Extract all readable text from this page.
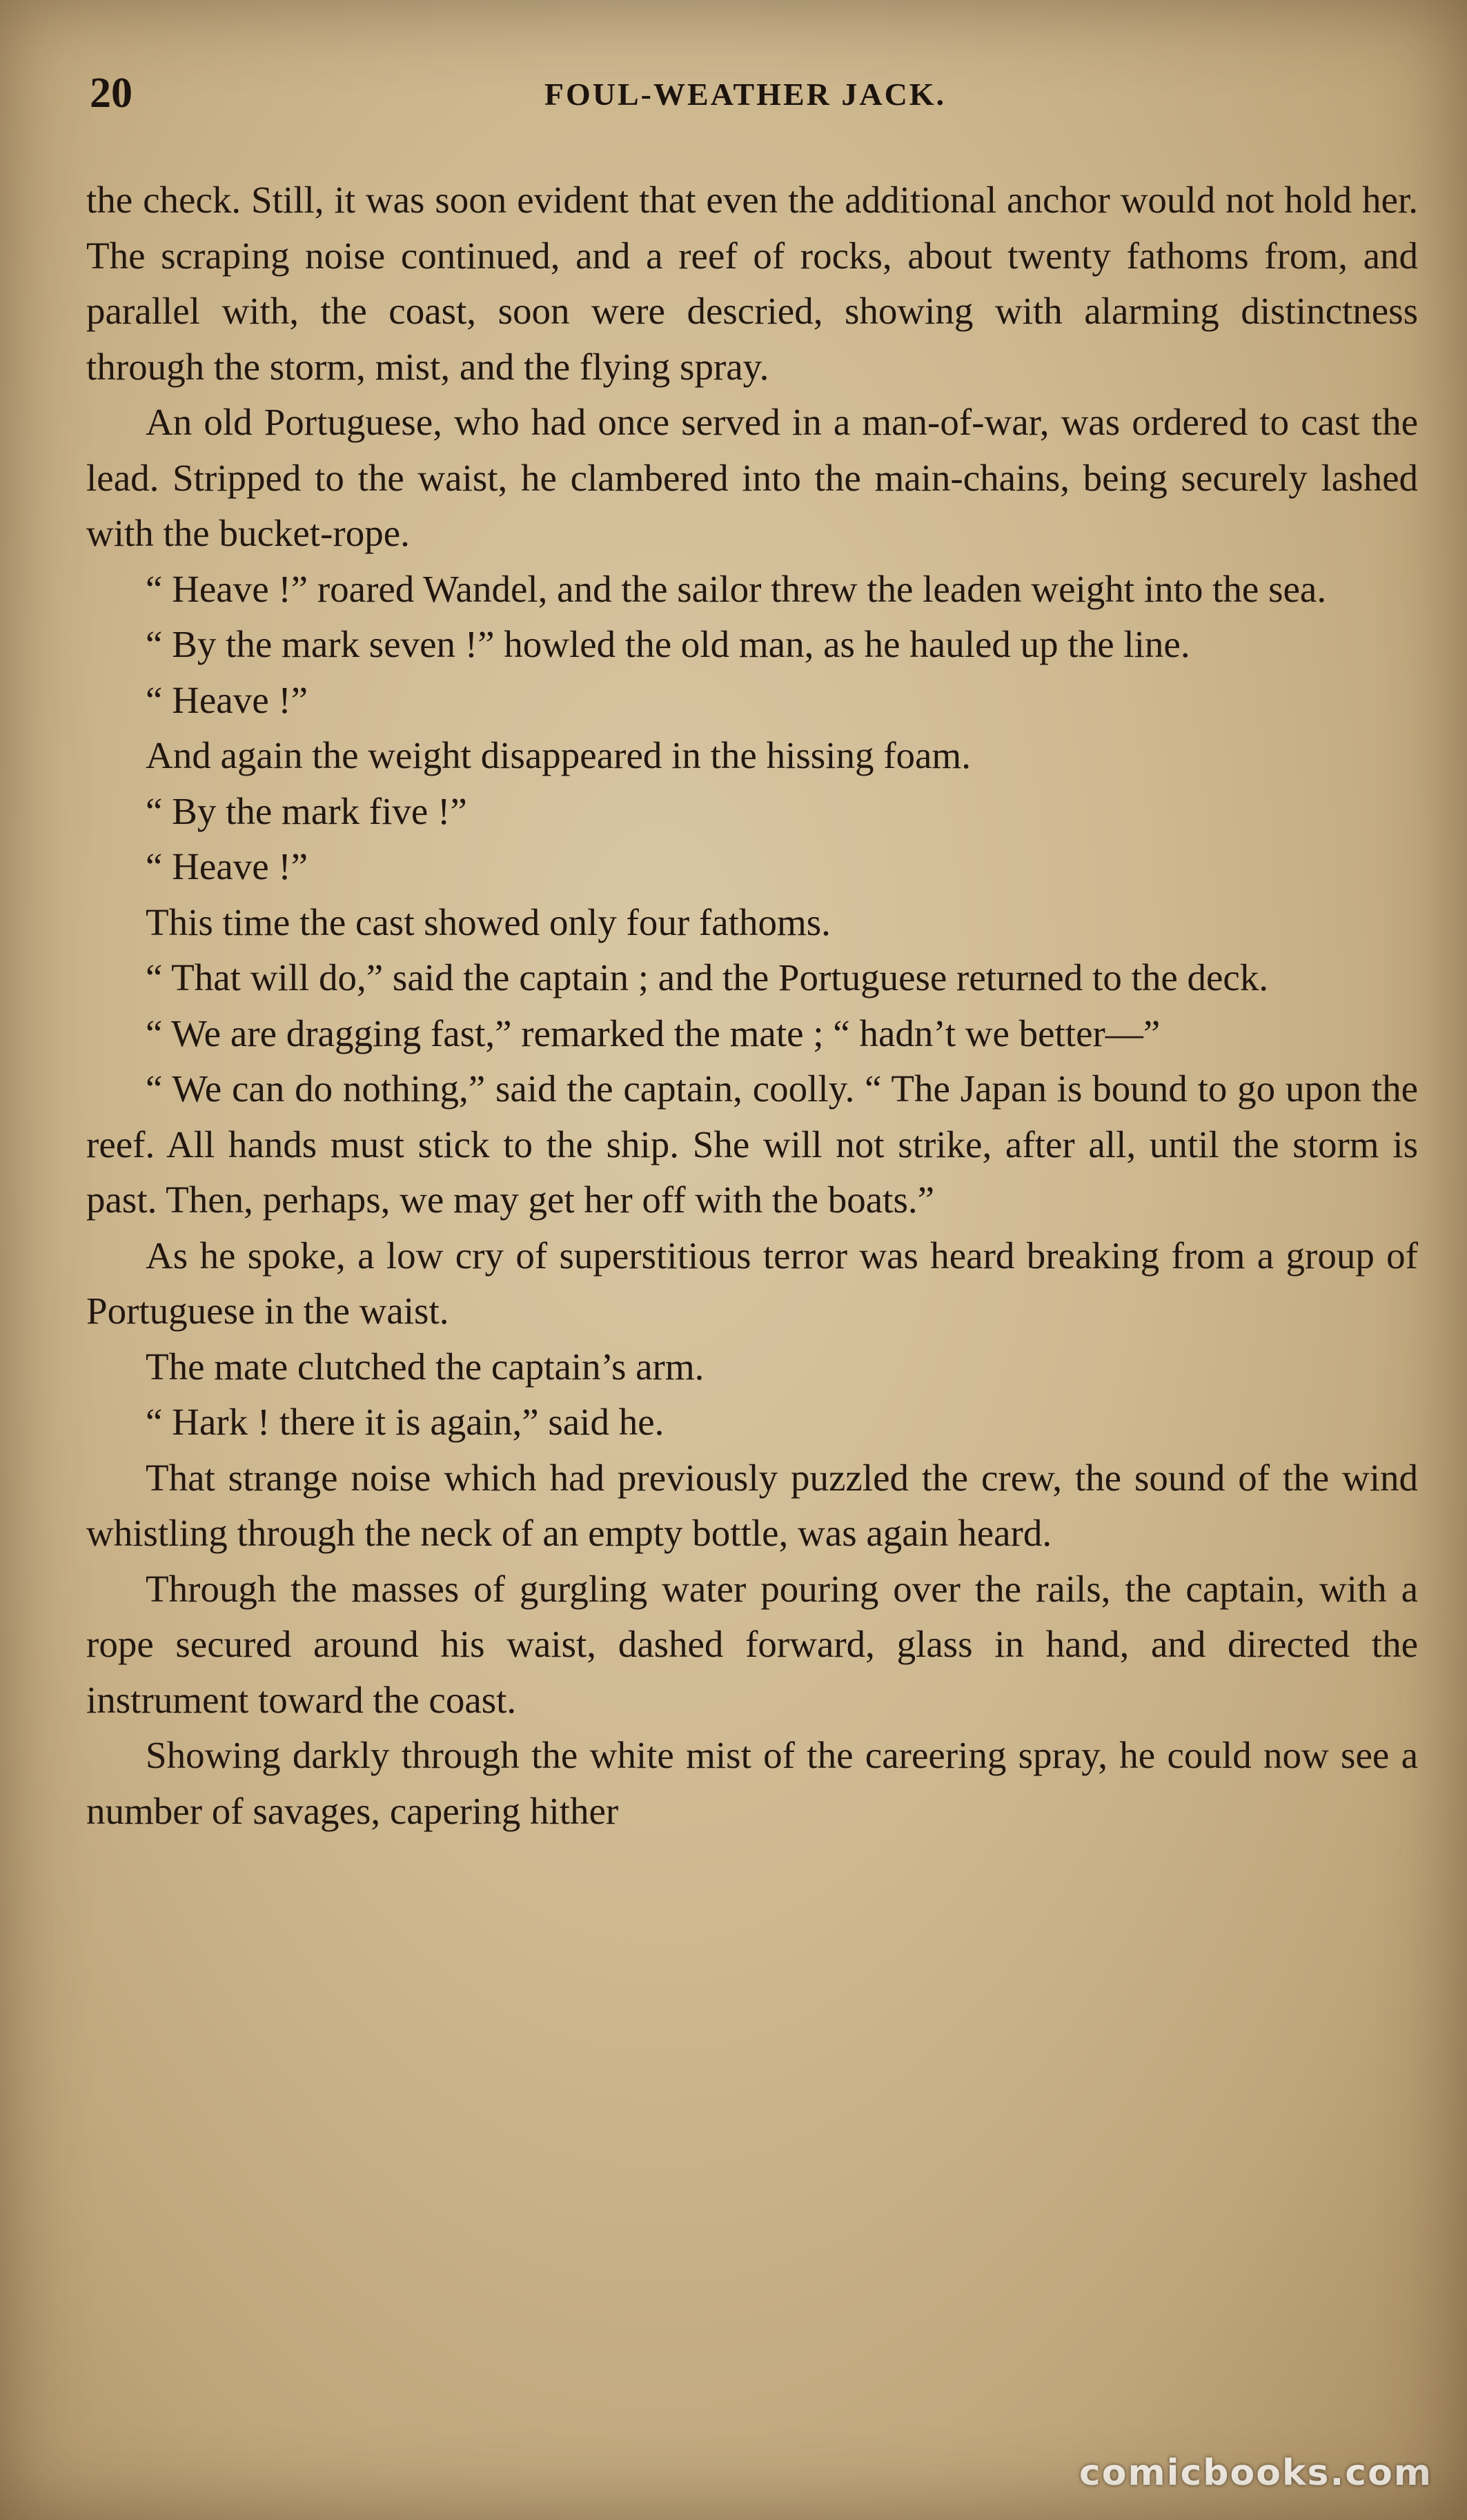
20	FOUL-WEATHER JACK.

the check. Still, it was soon evident that even the additional anchor would not hold her. The scraping noise continued, and a reef of rocks, about twenty fathoms from, and parallel with, the coast, soon were descried, showing with alarming distinctness through the storm, mist, and the flying spray.

An old Portuguese, who had once served in a man-of-war, was ordered to cast the lead. Stripped to the waist, he clambered into the main-chains, being securely lashed with the bucket-rope.

“ Heave !” roared Wandel, and the sailor threw the leaden weight into the sea.

“ By the mark seven !” howled the old man, as he hauled up the line.

“ Heave !”

And again the weight disappeared in the hissing foam.

“ By the mark five !”

“ Heave !”

This time the cast showed only four fathoms.

“ That will do,” said the captain ; and the Portuguese returned to the deck.

“ We are dragging fast,” remarked the mate ; “ hadn’t we better—”

“ We can do nothing,” said the captain, coolly. “ The Japan is bound to go upon the reef. All hands must stick to the ship. She will not strike, after all, until the storm is past. Then, perhaps, we may get her off with the boats.”

As he spoke, a low cry of superstitious terror was heard breaking from a group of Portuguese in the waist.

The mate clutched the captain’s arm.

“ Hark ! there it is again,” said he.

That strange noise which had previously puzzled the crew, the sound of the wind whistling through the neck of an empty bottle, was again heard.

Through the masses of gurgling water pouring over the rails, the captain, with a rope secured around his waist, dashed forward, glass in hand, and directed the instrument toward the coast.

Showing darkly through the white mist of the careering spray, he could now see a number of savages, capering hither

comicbooks.com
